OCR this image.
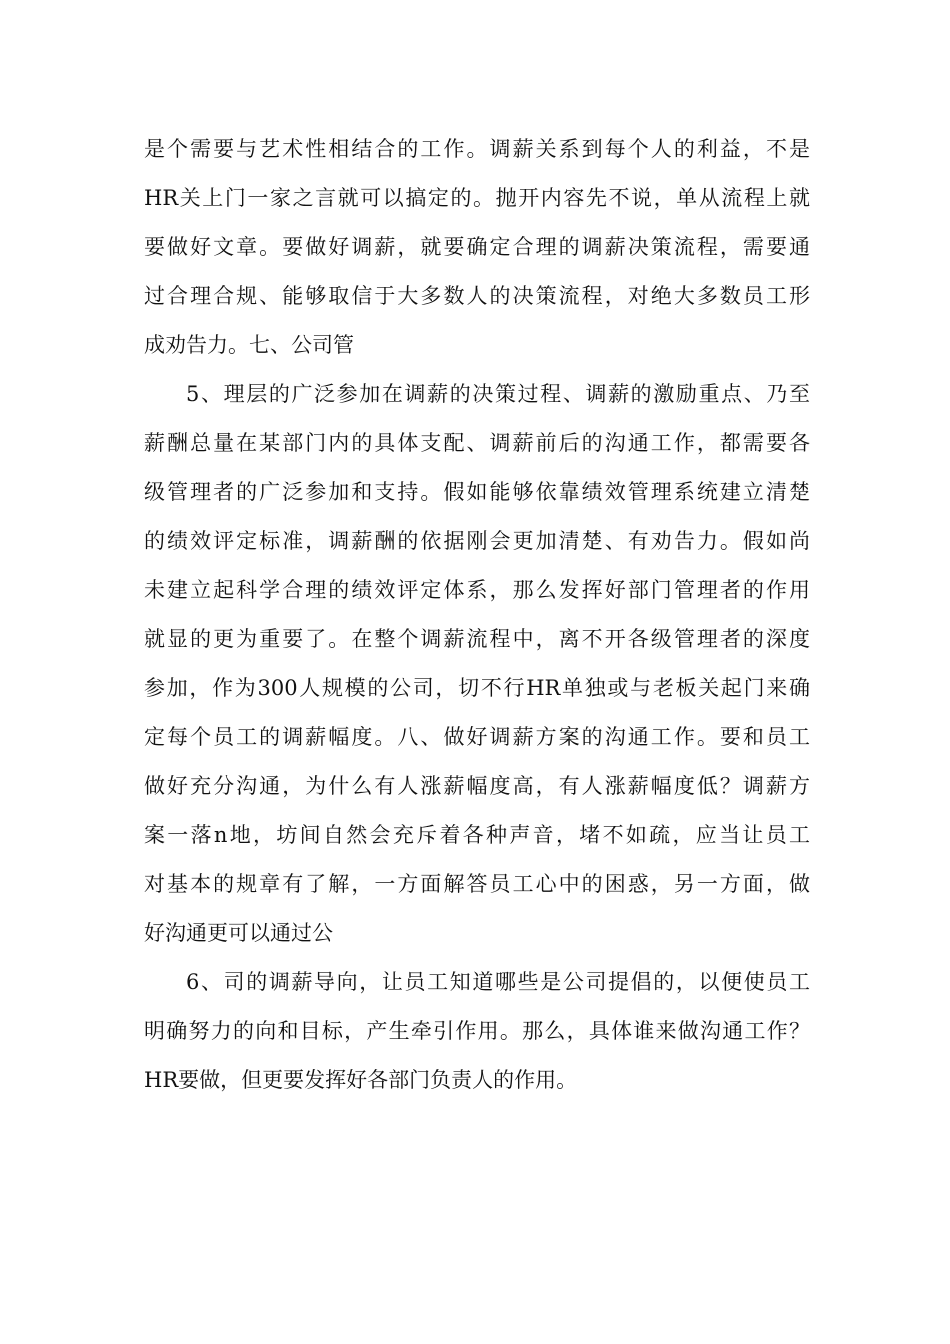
是个需要与艺术性相结合的工作。调薪关系到每个人的利益，不是
HR关上门一家之言就可以搞定的。抛开内容先不说，单从流程上就
要做好文章。要做好调薪，就要确定合理的调薪决策流程，需要通
过合理合规、能够取信于大多数人的决策流程，对绝大多数员工形
成劝告力。七、公司管
5、理层的广泛参加在调薪的决策过程、调薪的激励重点、乃至
薪酬总量在某部门内的具体支配、调薪前后的沟通工作，都需要各
级管理者的广泛参加和支持。假如能够依靠绩效管理系统建立清楚
的绩效评定标准，调薪酬的依据刚会更加清楚、有劝告力。假如尚
未建立起科学合理的绩效评定体系，那么发挥好部门管理者的作用
就显的更为重要了。在整个调薪流程中，离不开各级管理者的深度
参加，作为300人规模的公司，切不行HR单独或与老板关起门来确
定每个员工的调薪幅度。八、做好调薪方案的沟通工作。要和员工
做好充分沟通，为什么有人涨薪幅度高，有人涨薪幅度低？调薪方
案一落n地，坊间自然会充斥着各种声音，堵不如疏，应当让员工
对基本的规章有了解，一方面解答员工心中的困惑，另一方面，做
好沟通更可以通过公
6、司的调薪导向，让员工知道哪些是公司提倡的，以便使员工
明确努力的向和目标，产生牵引作用。那么，具体谁来做沟通工作？
HR要做，但更要发挥好各部门负责人的作用。
